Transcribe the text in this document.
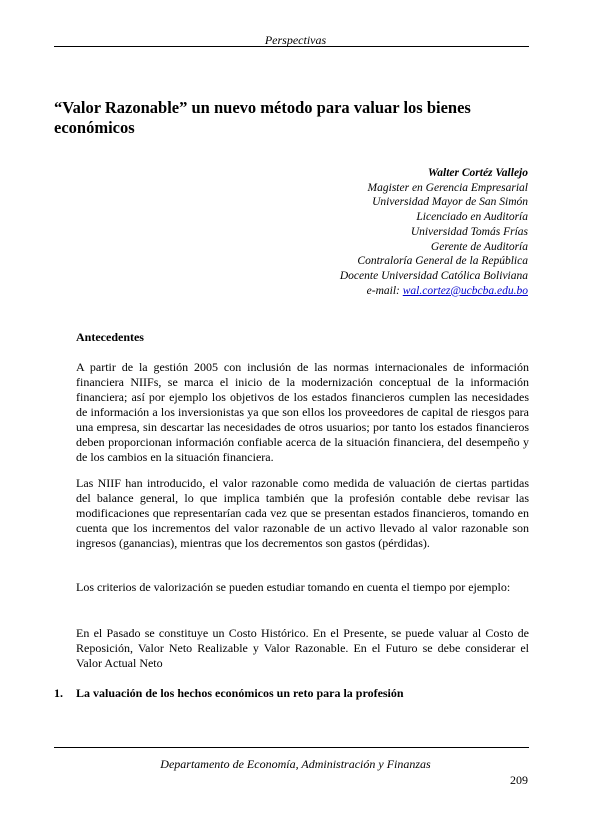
Perspectivas
“Valor Razonable” un nuevo método para valuar los bienes económicos
Walter Cortéz Vallejo
Magister en Gerencia Empresarial
Universidad Mayor de San Simón
Licenciado en Auditoría
Universidad Tomás Frías
Gerente de Auditoría
Contraloría General de la República
Docente Universidad Católica Boliviana
e-mail: wal.cortez@ucbcba.edu.bo
Antecedentes

A partir de la gestión 2005 con inclusión de las normas internacionales de información financiera NIIFs, se marca el inicio de la modernización conceptual de la información financiera; así por ejemplo los objetivos de los estados financieros cumplen las necesidades de información a los inversionistas ya que son ellos los proveedores de capital de riesgos para una empresa, sin descartar las necesidades de otros usuarios; por tanto los estados financieros deben proporcionan información confiable acerca de la situación financiera, del desempeño y de los cambios en la situación financiera.

Las NIIF han introducido, el valor razonable como medida de valuación de ciertas partidas del balance general, lo que implica también que la profesión contable debe revisar las modificaciones que representarían cada vez que se presentan estados financieros, tomando en cuenta que los incrementos del valor razonable de un activo llevado al valor razonable son ingresos (ganancias), mientras que los decrementos son gastos (pérdidas).

Los criterios de valorización se pueden estudiar tomando en cuenta el tiempo por ejemplo:

En el Pasado se constituye un Costo Histórico. En el Presente, se puede valuar al Costo de Reposición, Valor Neto Realizable y Valor Razonable. En el Futuro se debe considerar el Valor Actual Neto

1. La valuación de los hechos económicos un reto para la profesión
Departamento de Economía, Administración y Finanzas
209
